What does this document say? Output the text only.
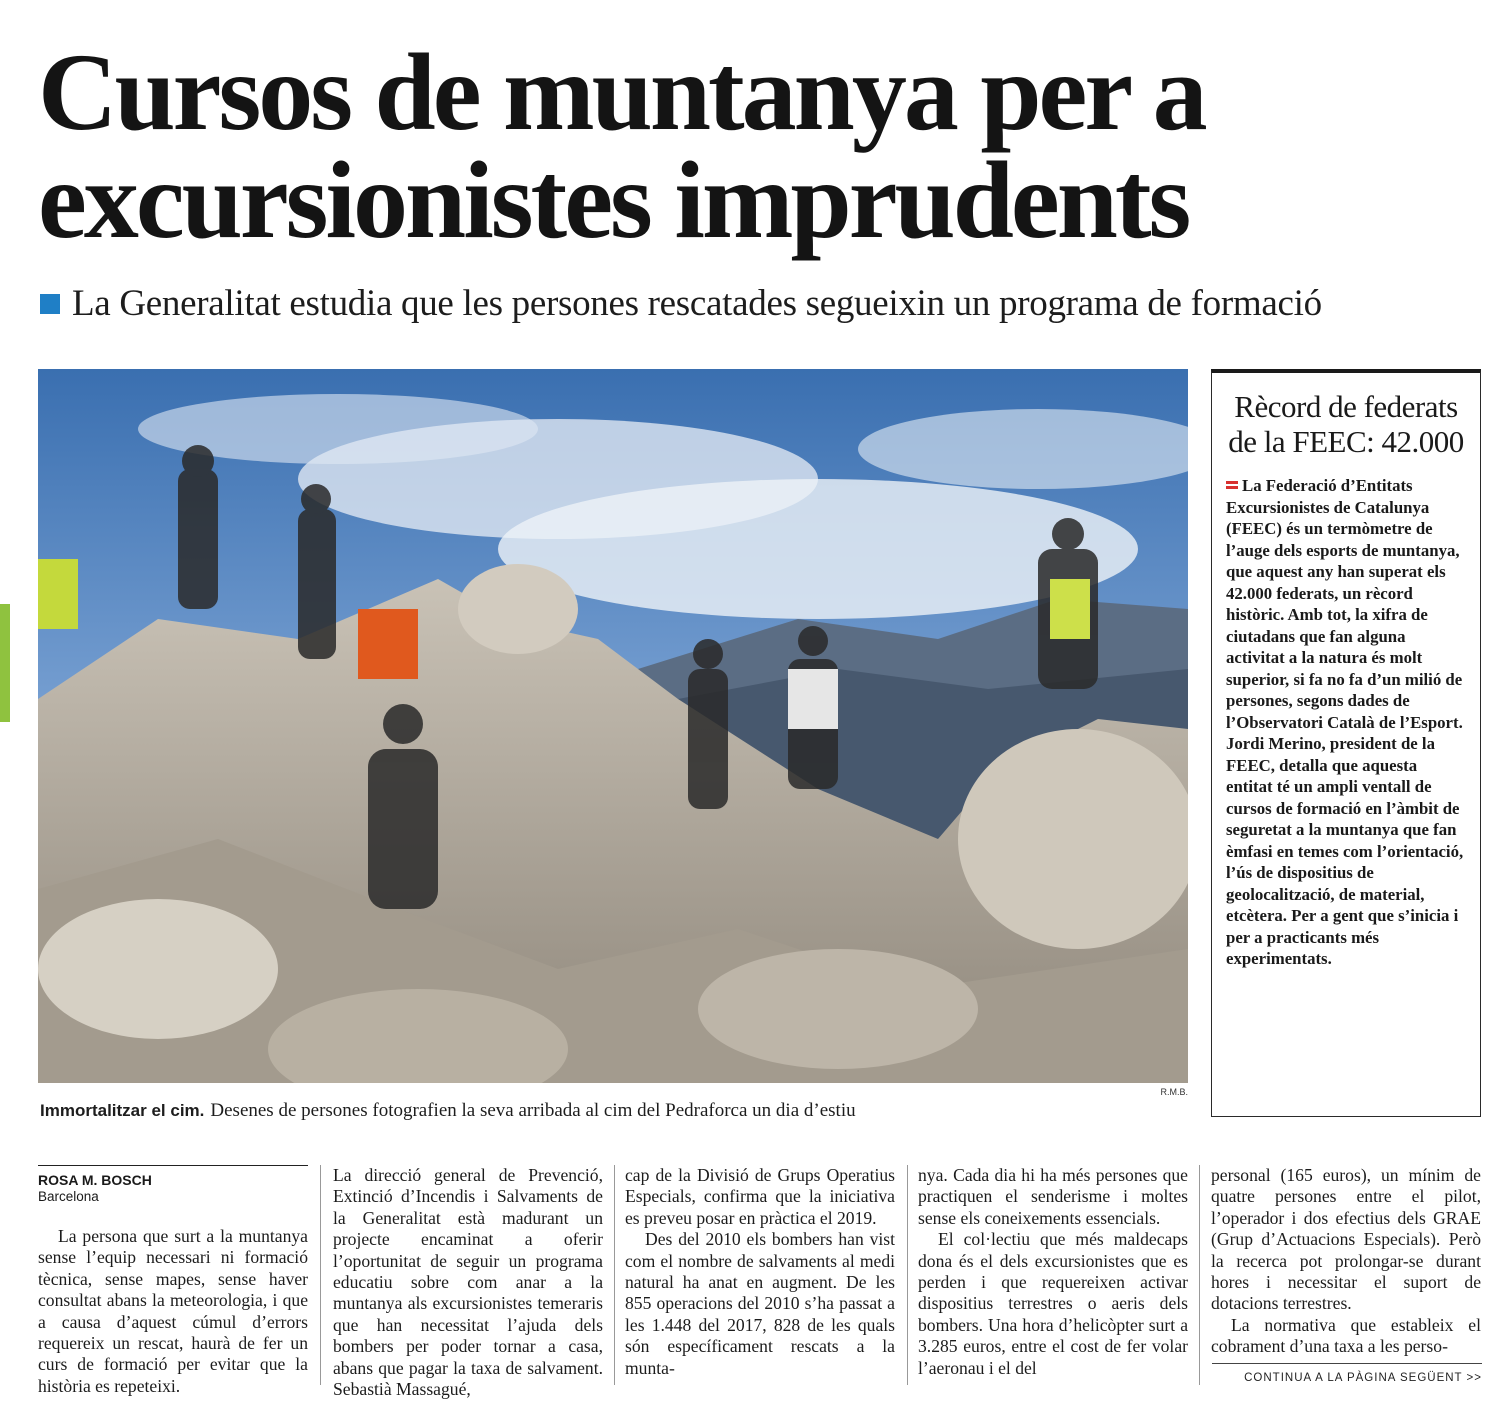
Cursos de muntanya per a excursionistes imprudents
La Generalitat estudia que les persones rescatades segueixin un programa de formació
R.M.B.
Immortalitzar el cim. Desenes de persones fotografien la seva arribada al cim del Pedraforca un dia d’estiu
Rècord de federats de la FEEC: 42.000

La Federació d’Entitats Excursionistes de Catalunya (FEEC) és un termòmetre de l’auge dels esports de muntanya, que aquest any han superat els 42.000 federats, un rècord històric. Amb tot, la xifra de ciutadans que fan alguna activitat a la natura és molt superior, si fa no fa d’un milió de persones, segons dades de l’Observatori Català de l’Esport. Jordi Merino, president de la FEEC, detalla que aquesta entitat té un ampli ventall de cursos de formació en l’àmbit de seguretat a la muntanya que fan èmfasi en temes com l’orientació, l’ús de dispositius de geolocalització, de material, etcètera. Per a gent que s’inicia i per a practicants més experimentats.

ROSA M. BOSCH
Barcelona

La persona que surt a la muntanya sense l’equip necessari ni formació tècnica, sense mapes, sense haver consultat abans la meteorologia, i que a causa d’aquest cúmul d’errors requereix un rescat, haurà de fer un curs de formació per evitar que la història es repeteixi.

La direcció general de Prevenció, Extinció d’Incendis i Salvaments de la Generalitat està madurant un projecte encaminat a oferir l’oportunitat de seguir un programa educatiu sobre com anar a la muntanya als excursionistes temeraris que han necessitat l’ajuda dels bombers per poder tornar a casa, abans que pagar la taxa de salvament. Sebastià Massagué,

cap de la Divisió de Grups Operatius Especials, confirma que la iniciativa es preveu posar en pràctica el 2019.

Des del 2010 els bombers han vist com el nombre de salvaments al medi natural ha anat en augment. De les 855 operacions del 2010 s’ha passat a les 1.448 del 2017, 828 de les quals són específicament rescats a la munta-

nya. Cada dia hi ha més persones que practiquen el senderisme i moltes sense els coneixements essencials.

El col·lectiu que més maldecaps dona és el dels excursionistes que es perden i que requereixen activar dispositius terrestres o aeris dels bombers. Una hora d’helicòpter surt a 3.285 euros, entre el cost de fer volar l’aeronau i el del

personal (165 euros), un mínim de quatre persones entre el pilot, l’operador i dos efectius dels GRAE (Grup d’Actuacions Especials). Però la recerca pot prolongar-se durant hores i necessitar el suport de dotacions terrestres.

La normativa que estableix el cobrament d’una taxa a les perso-

CONTINUA A LA PÀGINA SEGÜENT >>
